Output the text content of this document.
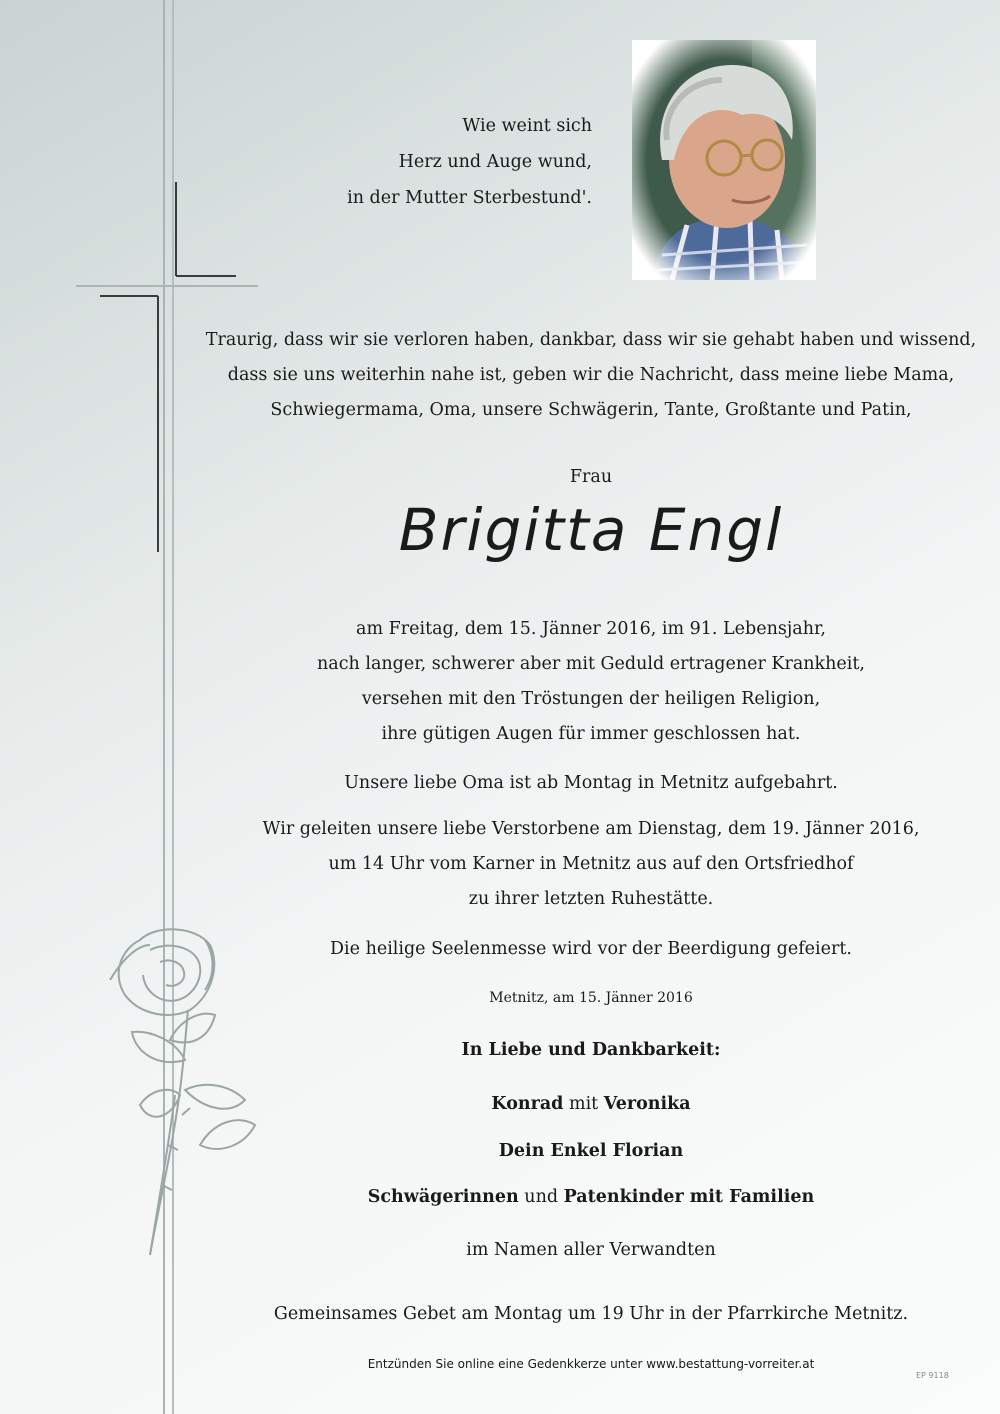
Wie weint sich
Herz und Auge wund,
in der Mutter Sterbestund'.
Traurig, dass wir sie verloren haben, dankbar, dass wir sie gehabt haben und wissend,
dass sie uns weiterhin nahe ist, geben wir die Nachricht, dass meine liebe Mama,
Schwiegermama, Oma, unsere Schwägerin, Tante, Großtante und Patin,
Frau
Brigitta Engl
am Freitag, dem 15. Jänner 2016, im 91. Lebensjahr,
nach langer, schwerer aber mit Geduld ertragener Krankheit,
versehen mit den Tröstungen der heiligen Religion,
ihre gütigen Augen für immer geschlossen hat.
Unsere liebe Oma ist ab Montag in Metnitz aufgebahrt.
Wir geleiten unsere liebe Verstorbene am Dienstag, dem 19. Jänner 2016,
um 14 Uhr vom Karner in Metnitz aus auf den Ortsfriedhof
zu ihrer letzten Ruhestätte.
Die heilige Seelenmesse wird vor der Beerdigung gefeiert.
Metnitz, am 15. Jänner 2016
In Liebe und Dankbarkeit:
Konrad mit Veronika
Dein Enkel Florian
Schwägerinnen und Patenkinder mit Familien
im Namen aller Verwandten
Gemeinsames Gebet am Montag um 19 Uhr in der Pfarrkirche Metnitz.
Entzünden Sie online eine Gedenkkerze unter www.bestattung-vorreiter.at
EP 9118
